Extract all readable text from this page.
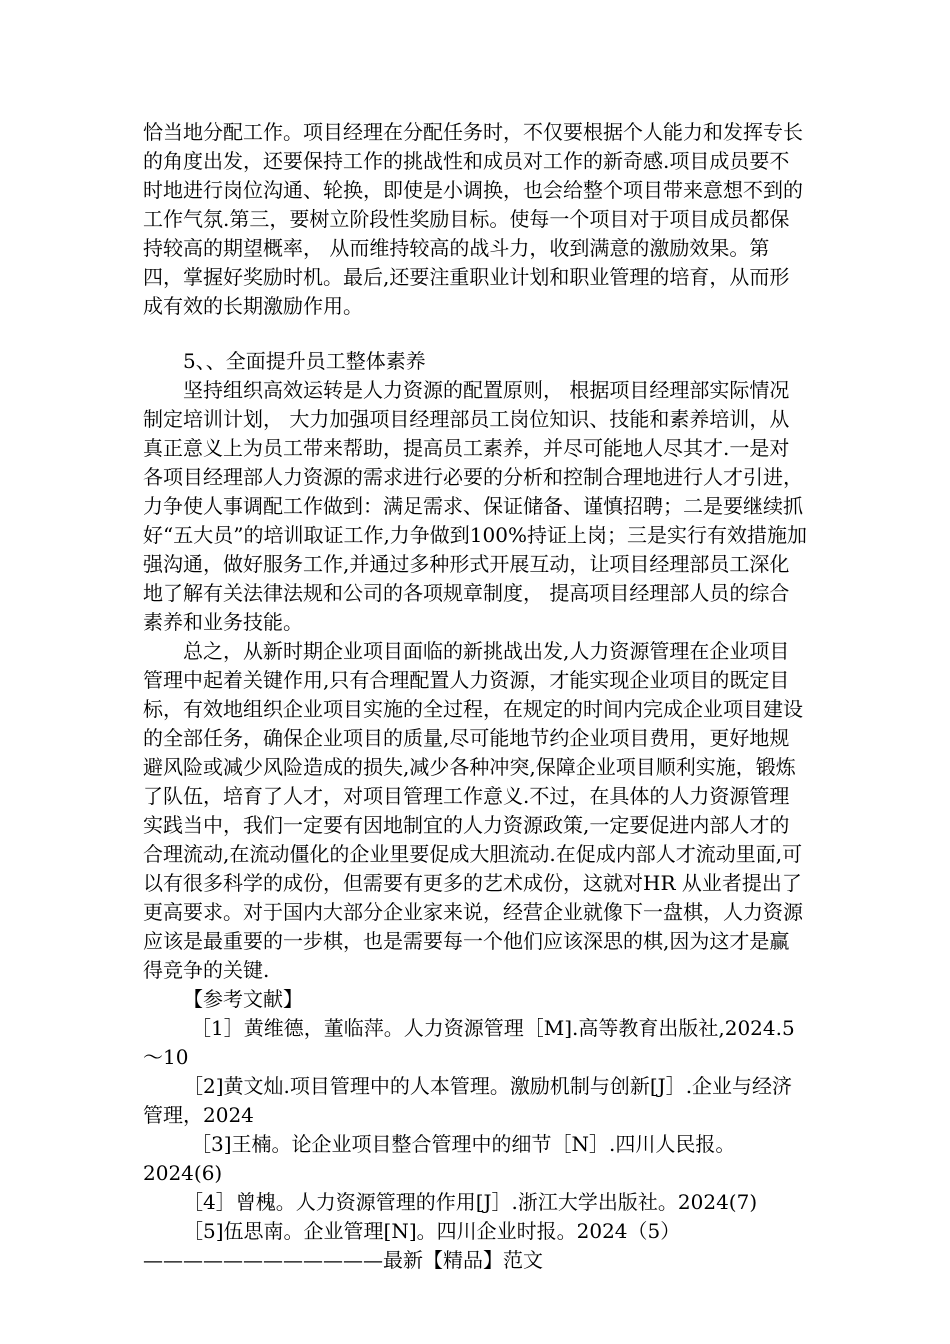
恰当地分配工作。项目经理在分配任务时，不仅要根据个人能力和发挥专长的角度出发，还要保持工作的挑战性和成员对工作的新奇感.项目成员要不时地进行岗位沟通、轮换，即使是小调换，也会给整个项目带来意想不到的工作气氛.第三，要树立阶段性奖励目标。使每一个项目对于项目成员都保持较高的期望概率， 从而维持较高的战斗力，收到满意的激励效果。第四，掌握好奖励时机。最后,还要注重职业计划和职业管理的培育，从而形成有效的长期激励作用。

5、、全面提升员工整体素养

坚持组织高效运转是人力资源的配置原则， 根据项目经理部实际情况制定培训计划， 大力加强项目经理部员工岗位知识、技能和素养培训，从真正意义上为员工带来帮助，提高员工素养，并尽可能地人尽其才.一是对各项目经理部人力资源的需求进行必要的分析和控制合理地进行人才引进，力争使人事调配工作做到：满足需求、保证储备、谨慎招聘；二是要继续抓好“五大员”的培训取证工作,力争做到100%持证上岗；三是实行有效措施加强沟通，做好服务工作,并通过多种形式开展互动，让项目经理部员工深化地了解有关法律法规和公司的各项规章制度， 提高项目经理部人员的综合素养和业务技能。

总之，从新时期企业项目面临的新挑战出发,人力资源管理在企业项目管理中起着关键作用,只有合理配置人力资源，才能实现企业项目的既定目标，有效地组织企业项目实施的全过程，在规定的时间内完成企业项目建设的全部任务，确保企业项目的质量,尽可能地节约企业项目费用，更好地规避风险或减少风险造成的损失,减少各种冲突,保障企业项目顺利实施，锻炼了队伍，培育了人才，对项目管理工作意义.不过，在具体的人力资源管理实践当中，我们一定要有因地制宜的人力资源政策,一定要促进内部人才的合理流动,在流动僵化的企业里要促成大胆流动.在促成内部人才流动里面,可以有很多科学的成份，但需要有更多的艺术成份，这就对HR 从业者提出了更高要求。对于国内大部分企业家来说，经营企业就像下一盘棋，人力资源应该是最重要的一步棋，也是需要每一个他们应该深思的棋,因为这才是赢得竞争的关键.

【参考文献】

［1］黄维德，董临萍。人力资源管理［M].高等教育出版社,2024.5～10

［2]黄文灿.项目管理中的人本管理。激励机制与创新[J］.企业与经济管理，2024

［3]王楠。论企业项目整合管理中的细节［N］.四川人民报。2024(6)

［4］曾槐。人力资源管理的作用[J］.浙江大学出版社。2024(7)

［5]伍思南。企业管理[N]。四川企业时报。2024（5）

————————————最新【精品】范文
